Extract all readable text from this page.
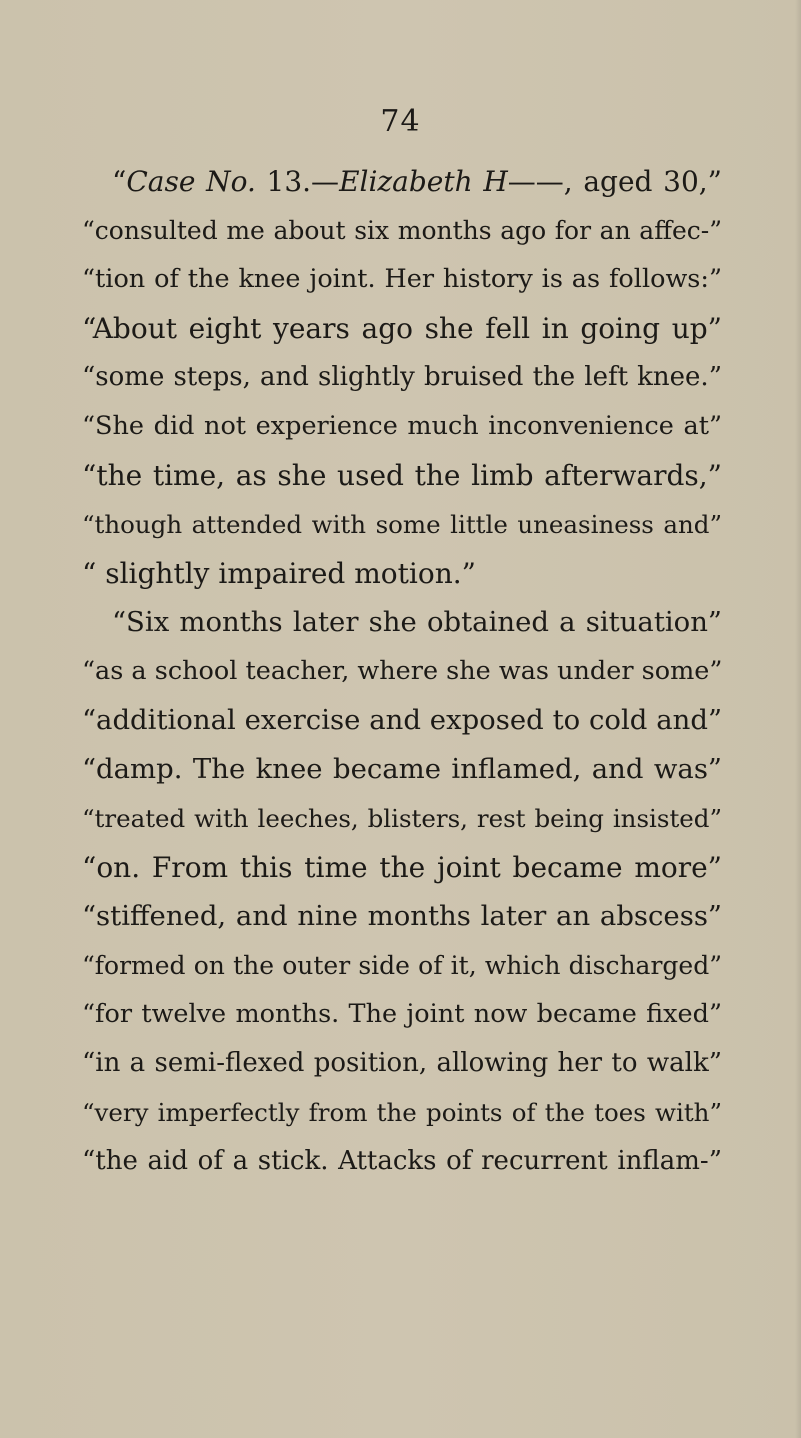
74
“Case No. 13.—Elizabeth H——, aged 30,”
“consulted me about six months ago for an affec-”
“tion of the knee joint. Her history is as follows:”
“About eight years ago she fell in going up”
“some steps, and slightly bruised the left knee.”
“She did not experience much inconvenience at”
“the time, as she used the limb afterwards,”
“though attended with some little uneasiness and”
“ slightly impaired motion.”
“Six months later she obtained a situation”
“as a school teacher, where she was under some”
“additional exercise and exposed to cold and”
“damp. The knee became inflamed, and was”
“treated with leeches, blisters, rest being insisted”
“on. From this time the joint became more”
“stiffened, and nine months later an abscess”
“formed on the outer side of it, which discharged”
“for twelve months. The joint now became fixed”
“in a semi-flexed position, allowing her to walk”
“very imperfectly from the points of the toes with”
“the aid of a stick. Attacks of recurrent inflam-”
